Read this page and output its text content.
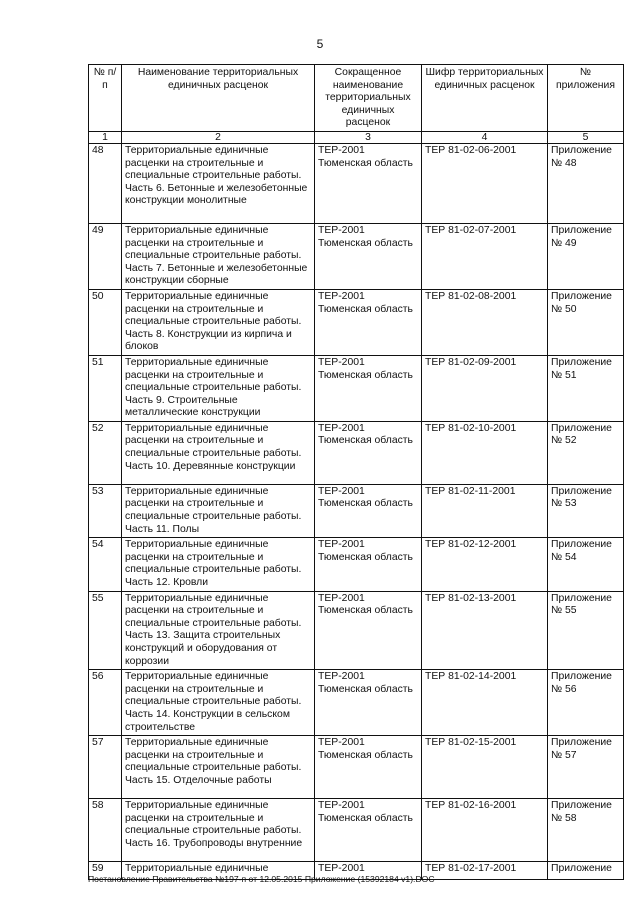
5
№ п/п	Наименование территориальных единичных расценок	Сокращенное наименование территориальных единичных расценок	Шифр территориальных единичных расценок	№ приложения
1	2	3	4	5
48	Территориальные единичные расценки на строительные и специальные строительные работы. Часть 6. Бетонные и железобетонные конструкции монолитные	ТЕР-2001 Тюменская область	ТЕР 81-02-06-2001	Приложение № 48
49	Территориальные единичные расценки на строительные и специальные строительные работы. Часть 7. Бетонные и железобетонные конструкции сборные	ТЕР-2001 Тюменская область	ТЕР 81-02-07-2001	Приложение № 49
50	Территориальные единичные расценки на строительные и специальные строительные работы. Часть 8. Конструкции из кирпича и блоков	ТЕР-2001 Тюменская область	ТЕР 81-02-08-2001	Приложение № 50
51	Территориальные единичные расценки на строительные и специальные строительные работы. Часть 9. Строительные металлические конструкции	ТЕР-2001 Тюменская область	ТЕР 81-02-09-2001	Приложение № 51
52	Территориальные единичные расценки на строительные и специальные строительные работы. Часть 10. Деревянные конструкции	ТЕР-2001 Тюменская область	ТЕР 81-02-10-2001	Приложение № 52
53	Территориальные единичные расценки на строительные и специальные строительные работы. Часть 11. Полы	ТЕР-2001 Тюменская область	ТЕР 81-02-11-2001	Приложение № 53
54	Территориальные единичные расценки на строительные и специальные строительные работы. Часть 12. Кровли	ТЕР-2001 Тюменская область	ТЕР 81-02-12-2001	Приложение № 54
55	Территориальные единичные расценки на строительные и специальные строительные работы. Часть 13. Защита строительных конструкций и оборудования от коррозии	ТЕР-2001 Тюменская область	ТЕР 81-02-13-2001	Приложение № 55
56	Территориальные единичные расценки на строительные и специальные строительные работы. Часть 14. Конструкции в сельском строительстве	ТЕР-2001 Тюменская область	ТЕР 81-02-14-2001	Приложение № 56
57	Территориальные единичные расценки на строительные и специальные строительные работы. Часть 15. Отделочные работы	ТЕР-2001 Тюменская область	ТЕР 81-02-15-2001	Приложение № 57
58	Территориальные единичные расценки на строительные и специальные строительные работы. Часть 16. Трубопроводы внутренние	ТЕР-2001 Тюменская область	ТЕР 81-02-16-2001	Приложение № 58
59	Территориальные единичные	ТЕР-2001	ТЕР 81-02-17-2001	Приложение
Постановление Правительства №197-п от 12.05.2015 Приложение (15392184 v1).DOC
